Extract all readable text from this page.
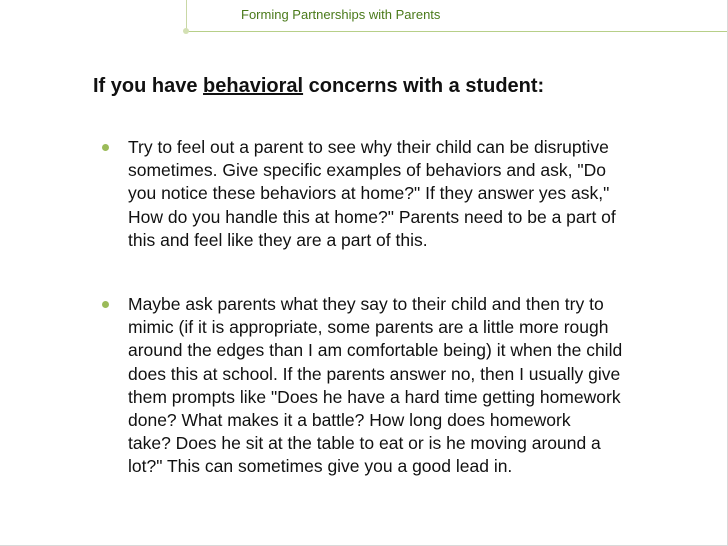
Forming Partnerships with Parents
If you have behavioral concerns with a student:
Try to feel out a parent to see why their child can be disruptive
sometimes. Give specific examples of behaviors and ask, "Do
you notice these behaviors at home?" If they answer yes ask,"
How do you handle this at home?" Parents need to be a part of
this and feel like they are a part of this.
Maybe ask parents what they say to their child and then try to
mimic (if it is appropriate, some parents are a little more rough
around the edges than I am comfortable being) it when the child
does this at school. If the parents answer no, then I usually give
them prompts like "Does he have a hard time getting homework
done? What makes it a battle? How long does homework
take? Does he sit at the table to eat or is he moving around a
lot?" This can sometimes give you a good lead in.
